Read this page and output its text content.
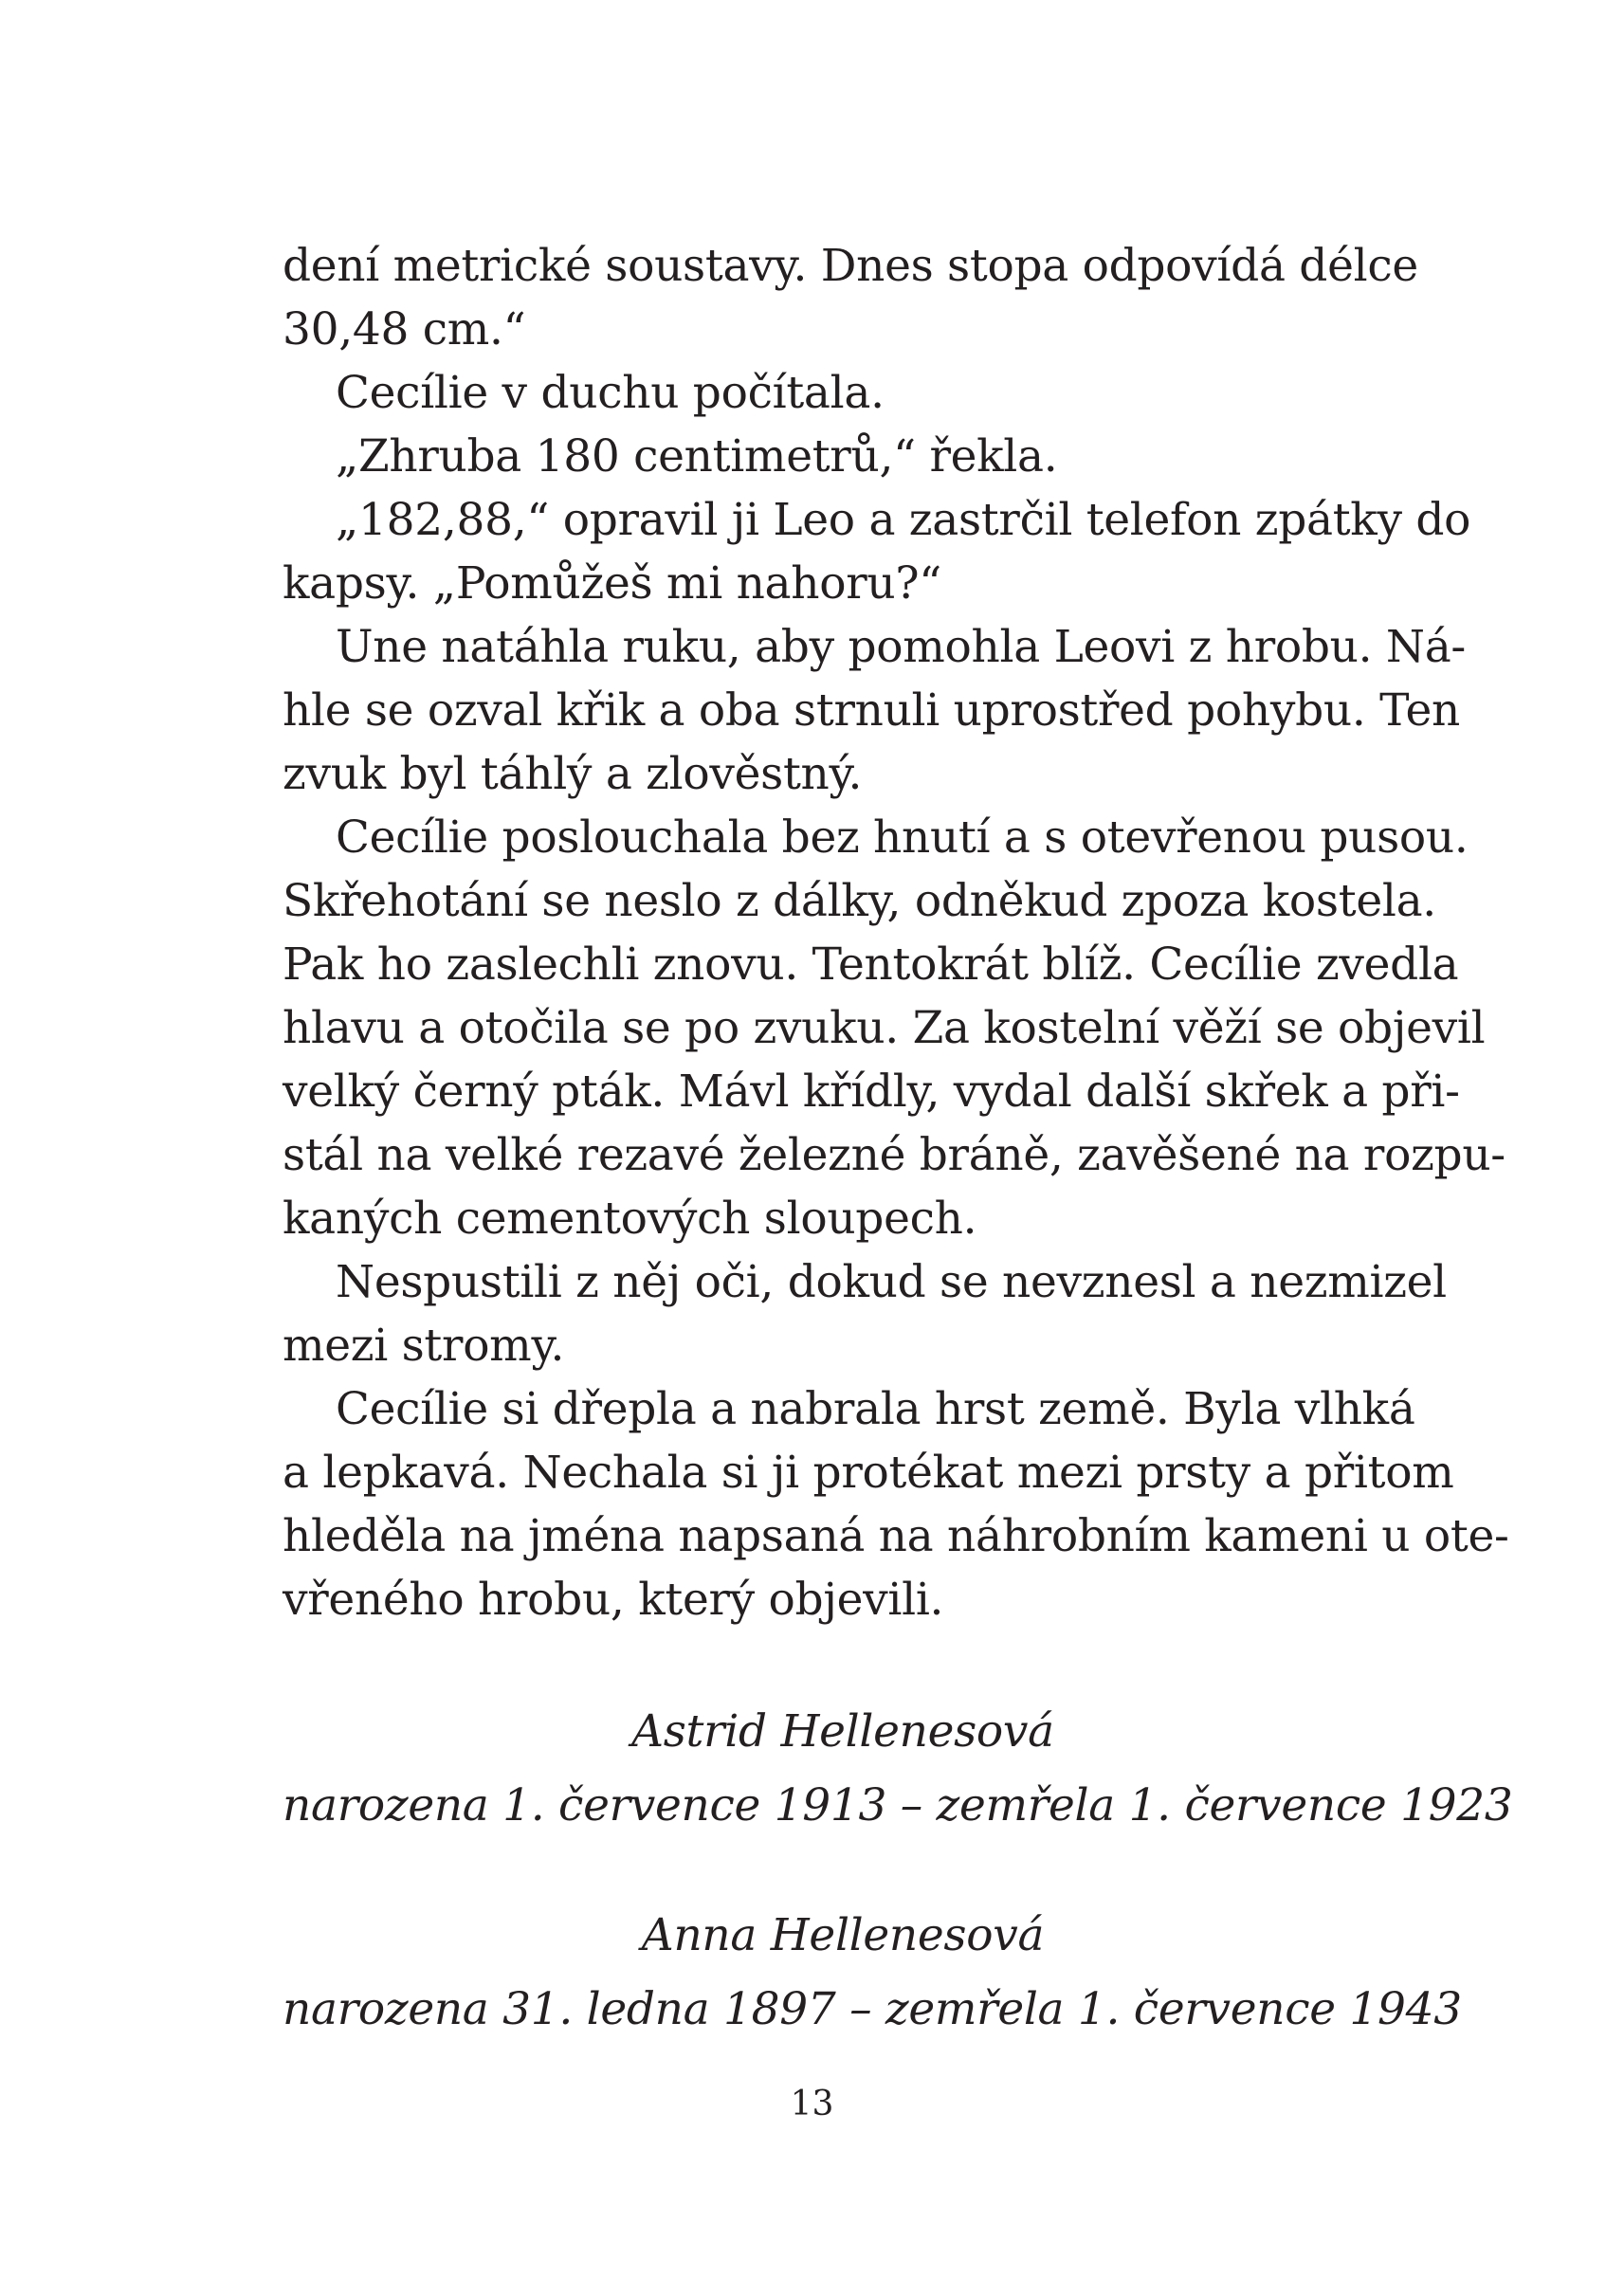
dení metrické soustavy. Dnes stopa odpovídá délce
30,48 cm.“
Cecílie v duchu počítala.
„Zhruba 180 centimetrů,“ řekla.
„182,88,“ opravil ji Leo a zastrčil telefon zpátky do
kapsy. „Pomůžeš mi nahoru?“
Une natáhla ruku, aby pomohla Leovi z hrobu. Ná-
hle se ozval křik a oba strnuli uprostřed pohybu. Ten
zvuk byl táhlý a zlověstný.
Cecílie poslouchala bez hnutí a s otevřenou pusou.
Skřehotání se neslo z dálky, odněkud zpoza kostela.
Pak ho zaslechli znovu. Tentokrát blíž. Cecílie zvedla
hlavu a otočila se po zvuku. Za kostelní věží se objevil
velký černý pták. Mávl křídly, vydal další skřek a při-
stál na velké rezavé železné bráně, zavěšené na rozpu-
kaných cementových sloupech.
Nespustili z něj oči, dokud se nevznesl a nezmizel
mezi stromy.
Cecílie si dřepla a nabrala hrst země. Byla vlhká
a lepkavá. Nechala si ji protékat mezi prsty a přitom
hleděla na jména napsaná na náhrobním kameni u ote-
vřeného hrobu, který objevili.
Astrid Hellenesová
narozena 1. července 1913 – zemřela 1. července 1923
Anna Hellenesová
narozena 31. ledna 1897 – zemřela 1. července 1943
13
